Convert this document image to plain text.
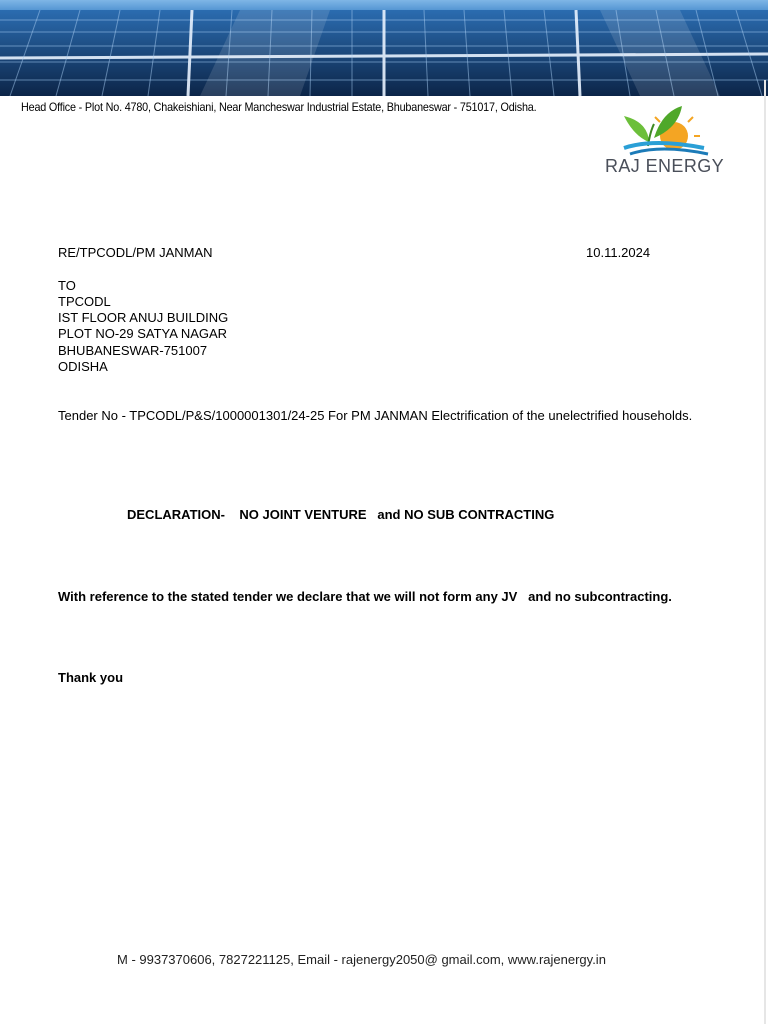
Head Office - Plot No. 4780, Chakeishiani, Near Mancheswar Industrial Estate, Bhubaneswar - 751017, Odisha.
RAJ ENERGY
RE/TPCODL/PM JANMAN	10.11.2024
TO
TPCODL
IST FLOOR ANUJ BUILDING
PLOT NO-29 SATYA NAGAR
BHUBANESWAR-751007
ODISHA
Tender No - TPCODL/P&S/1000001301/24-25 For PM JANMAN Electrification of the unelectrified households.
DECLARATION-    NO JOINT VENTURE   and NO SUB CONTRACTING
With reference to the stated tender we declare that we will not form any JV   and no subcontracting.
Thank you
M - 9937370606, 7827221125, Email - rajenergy2050@ gmail.com, www.rajenergy.in
